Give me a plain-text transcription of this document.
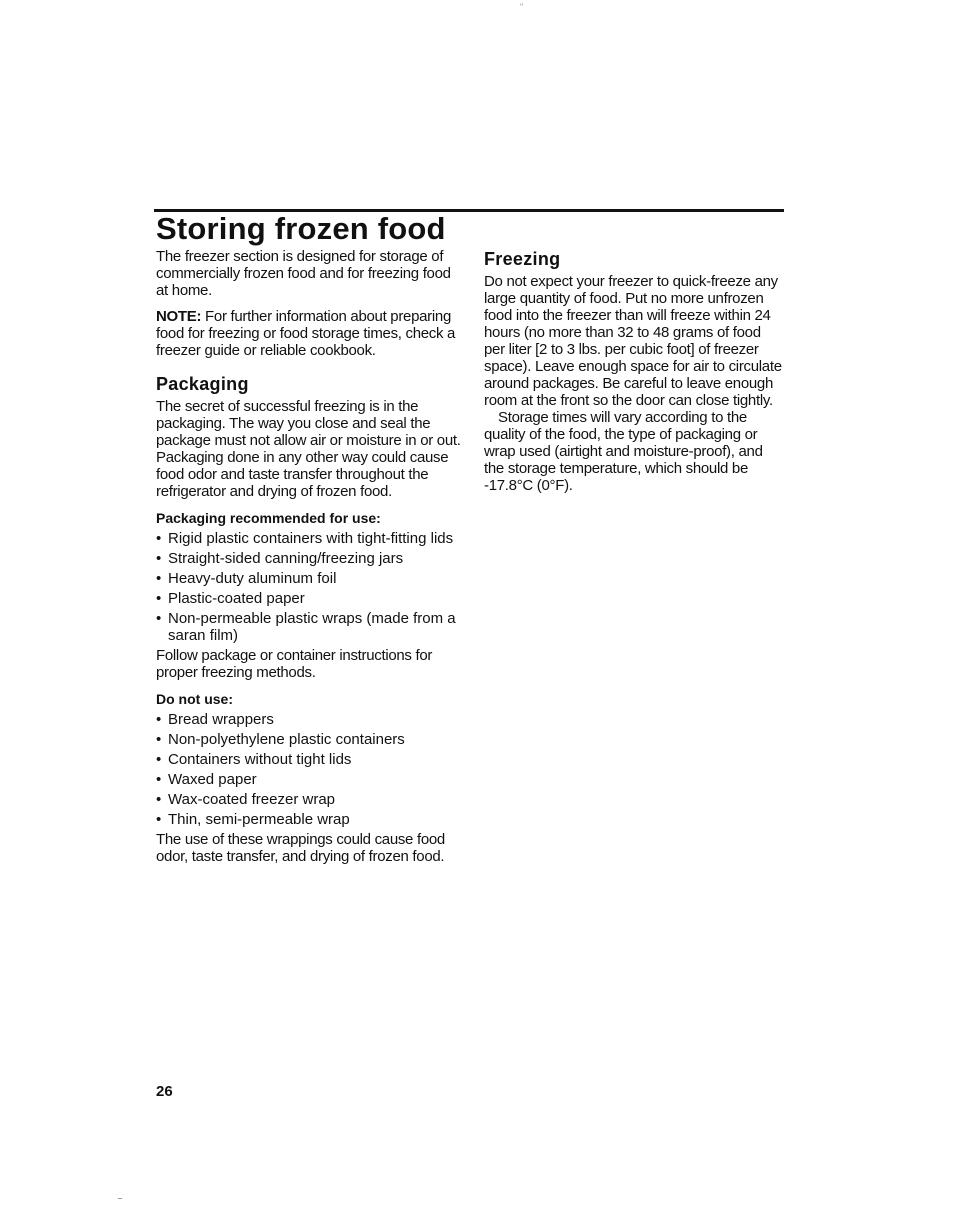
"
Storing frozen food

The freezer section is designed for storage of commercially frozen food and for freezing food at home.

NOTE: For further information about preparing food for freezing or food storage times, check a freezer guide or reliable cookbook.

Packaging

The secret of successful freezing is in the packaging. The way you close and seal the package must not allow air or moisture in or out. Packaging done in any other way could cause food odor and taste transfer throughout the refrigerator and drying of frozen food.

Packaging recommended for use:

• Rigid plastic containers with tight-fitting lids
• Straight-sided canning/freezing jars
• Heavy-duty aluminum foil
• Plastic-coated paper
• Non-permeable plastic wraps (made from a saran film)

Follow package or container instructions for proper freezing methods.

Do not use:

• Bread wrappers
• Non-polyethylene plastic containers
• Containers without tight lids
• Waxed paper
• Wax-coated freezer wrap
• Thin, semi-permeable wrap

The use of these wrappings could cause food odor, taste transfer, and drying of frozen food.

Freezing

Do not expect your freezer to quick-freeze any large quantity of food. Put no more unfrozen food into the freezer than will freeze within 24 hours (no more than 32 to 48 grams of food per liter [2 to 3 lbs. per cubic foot] of freezer space). Leave enough space for air to circulate around packages. Be careful to leave enough room at the front so the door can close tightly.

Storage times will vary according to the quality of the food, the type of packaging or wrap used (airtight and moisture-proof), and the storage temperature, which should be -17.8°C (0°F).

26
